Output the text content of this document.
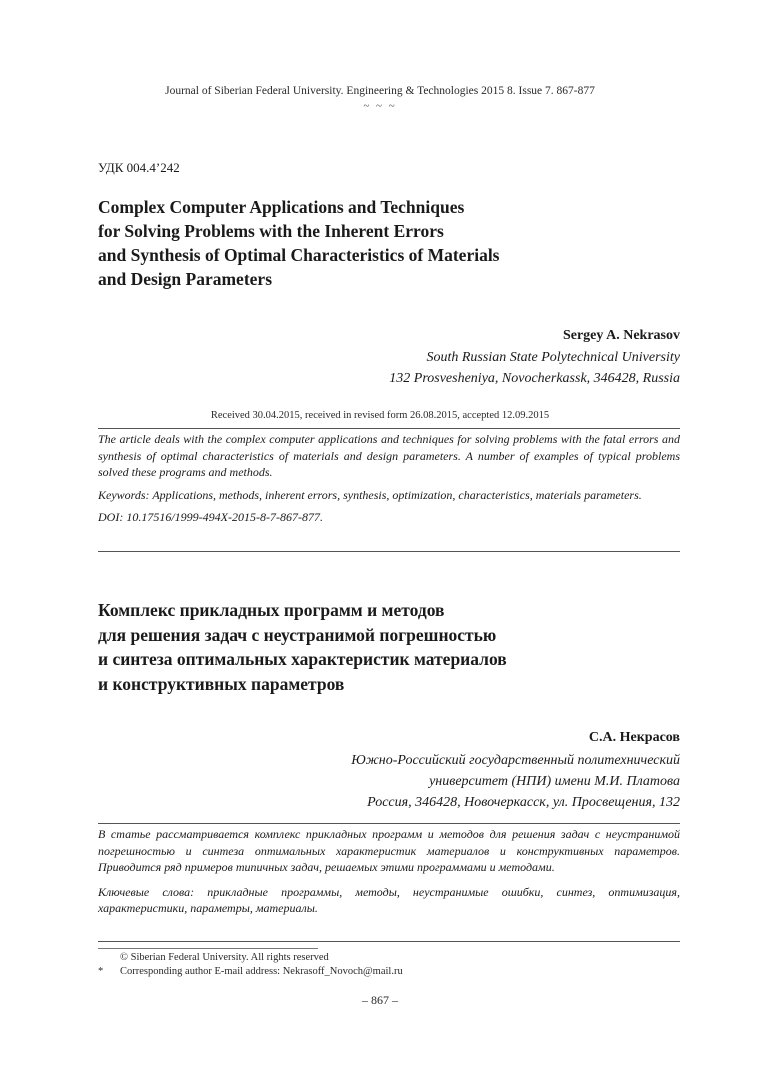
Journal of Siberian Federal University. Engineering & Technologies 2015 8. Issue 7. 867-877
~ ~ ~
УДК 004.4’242
Complex Computer Applications and Techniques
for Solving Problems with the Inherent Errors
and Synthesis of Optimal Characteristics of Materials
and Design Parameters
Sergey A. Nekrasov
South Russian State Polytechnical University
132 Prosvesheniya, Novocherkassk, 346428, Russia
Received 30.04.2015, received in revised form 26.08.2015, accepted 12.09.2015

The article deals with the complex computer applications and techniques for solving problems with the fatal errors and synthesis of optimal characteristics of materials and design parameters. A number of examples of typical problems solved these programs and methods.

Keywords: Applications, methods, inherent errors, synthesis, optimization, characteristics, materials parameters.

DOI: 10.17516/1999-494X-2015-8-7-867-877.

Комплекс прикладных программ и методов
для решения задач с неустранимой погрешностью
и синтеза оптимальных характеристик материалов
и конструктивных параметров
С.А. Некрасов
Южно-Российский государственный политехнический
университет (НПИ) имени М.И. Платова
Россия, 346428, Новочеркасск, ул. Просвещения, 132

В статье рассматривается комплекс прикладных программ и методов для решения задач с неустранимой погрешностью и синтеза оптимальных характеристик материалов и конструктивных параметров. Приводится ряд примеров типичных задач, решаемых этими программами и методами.

Ключевые слова: прикладные программы, методы, неустранимые ошибки, синтез, оптимизация, характеристики, параметры, материалы.

© Siberian Federal University. All rights reserved
* Corresponding author E-mail address: Nekrasoff_Novoch@mail.ru
– 867 –
